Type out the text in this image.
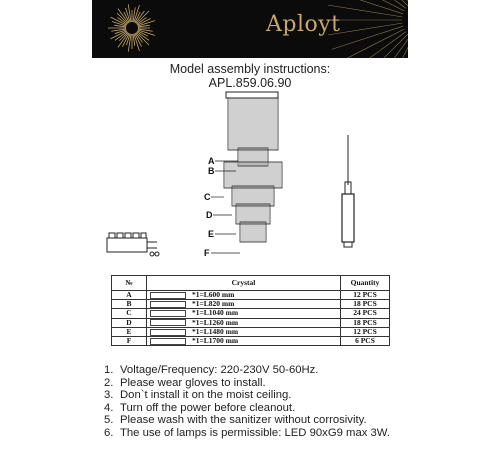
Aployt
Model assembly instructions:
APL.859.06.90
A
B
C
D
E
F
№	Crystal	Quantity
A	*1=L600 mm	12 PCS
B	*1=L820 mm	18 PCS
C	*1=L1040 mm	24 PCS
D	*1=L1260 mm	18 PCS
E	*1=L1480 mm	12 PCS
F	*1=L1700 mm	6 PCS
1. Voltage/Frequency: 220-230V 50-60Hz.
2. Please wear gloves to install.
3. Don`t install it on the moist ceiling.
4. Turn off the power before cleanout.
5. Please wash with the sanitizer without corrosivity.
6. The use of lamps is permissible: LED 90xG9 max 3W.
